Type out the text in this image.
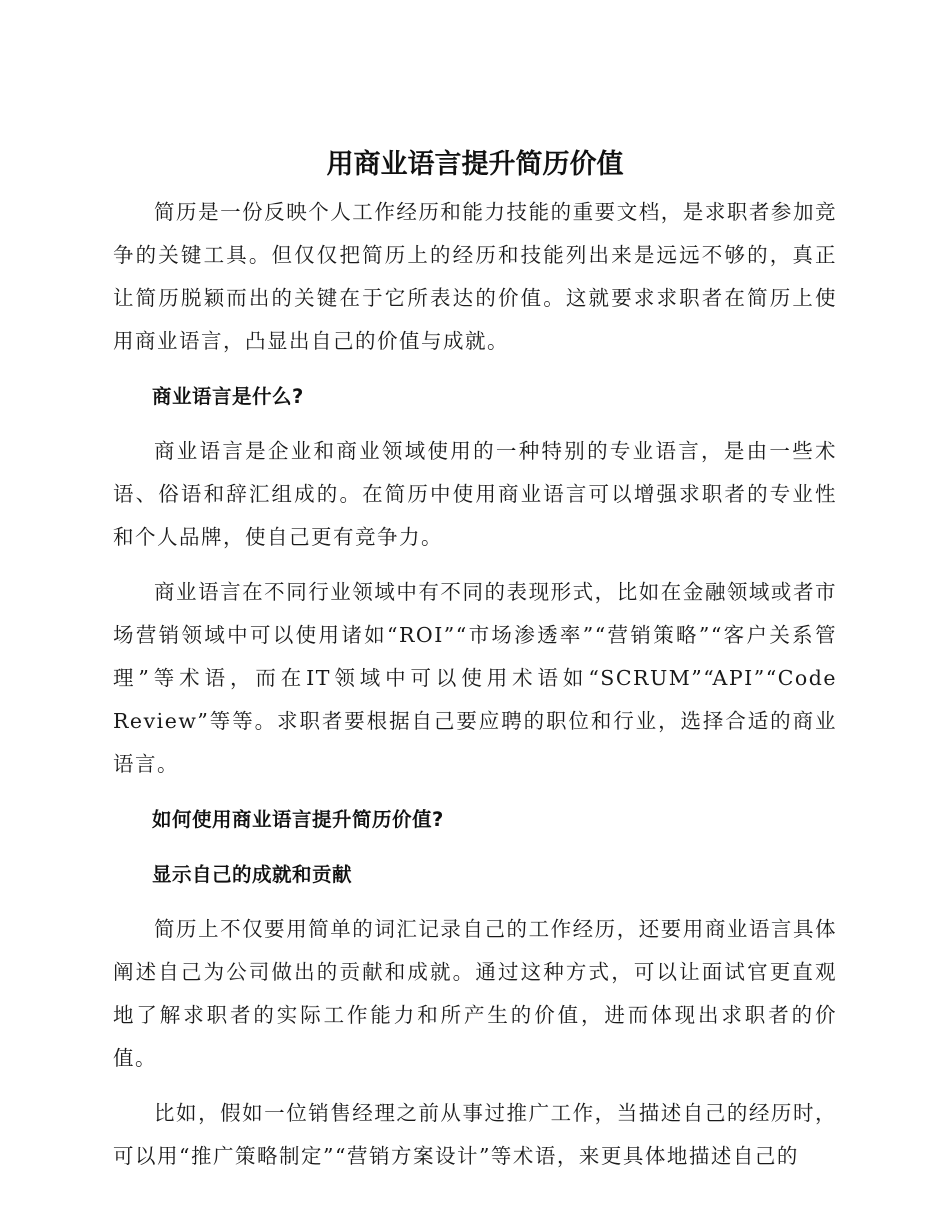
用商业语言提升简历价值

简历是一份反映个人工作经历和能力技能的重要文档，是求职者参加竞争的关键工具。但仅仅把简历上的经历和技能列出来是远远不够的，真正让简历脱颖而出的关键在于它所表达的价值。这就要求求职者在简历上使用商业语言，凸显出自己的价值与成就。

商业语言是什么?

商业语言是企业和商业领域使用的一种特别的专业语言，是由一些术语、俗语和辞汇组成的。在简历中使用商业语言可以增强求职者的专业性和个人品牌，使自己更有竞争力。

商业语言在不同行业领域中有不同的表现形式，比如在金融领域或者市场营销领域中可以使用诸如“ROI”“市场渗透率”“营销策略”“客户关系管理”等术语，而在IT领域中可以使用术语如“SCRUM”“API”“Code Review”等等。求职者要根据自己要应聘的职位和行业，选择合适的商业语言。

如何使用商业语言提升简历价值?

显示自己的成就和贡献

简历上不仅要用简单的词汇记录自己的工作经历，还要用商业语言具体阐述自己为公司做出的贡献和成就。通过这种方式，可以让面试官更直观地了解求职者的实际工作能力和所产生的价值，进而体现出求职者的价值。

比如，假如一位销售经理之前从事过推广工作，当描述自己的经历时，可以用“推广策略制定”“营销方案设计”等术语，来更具体地描述自己的
